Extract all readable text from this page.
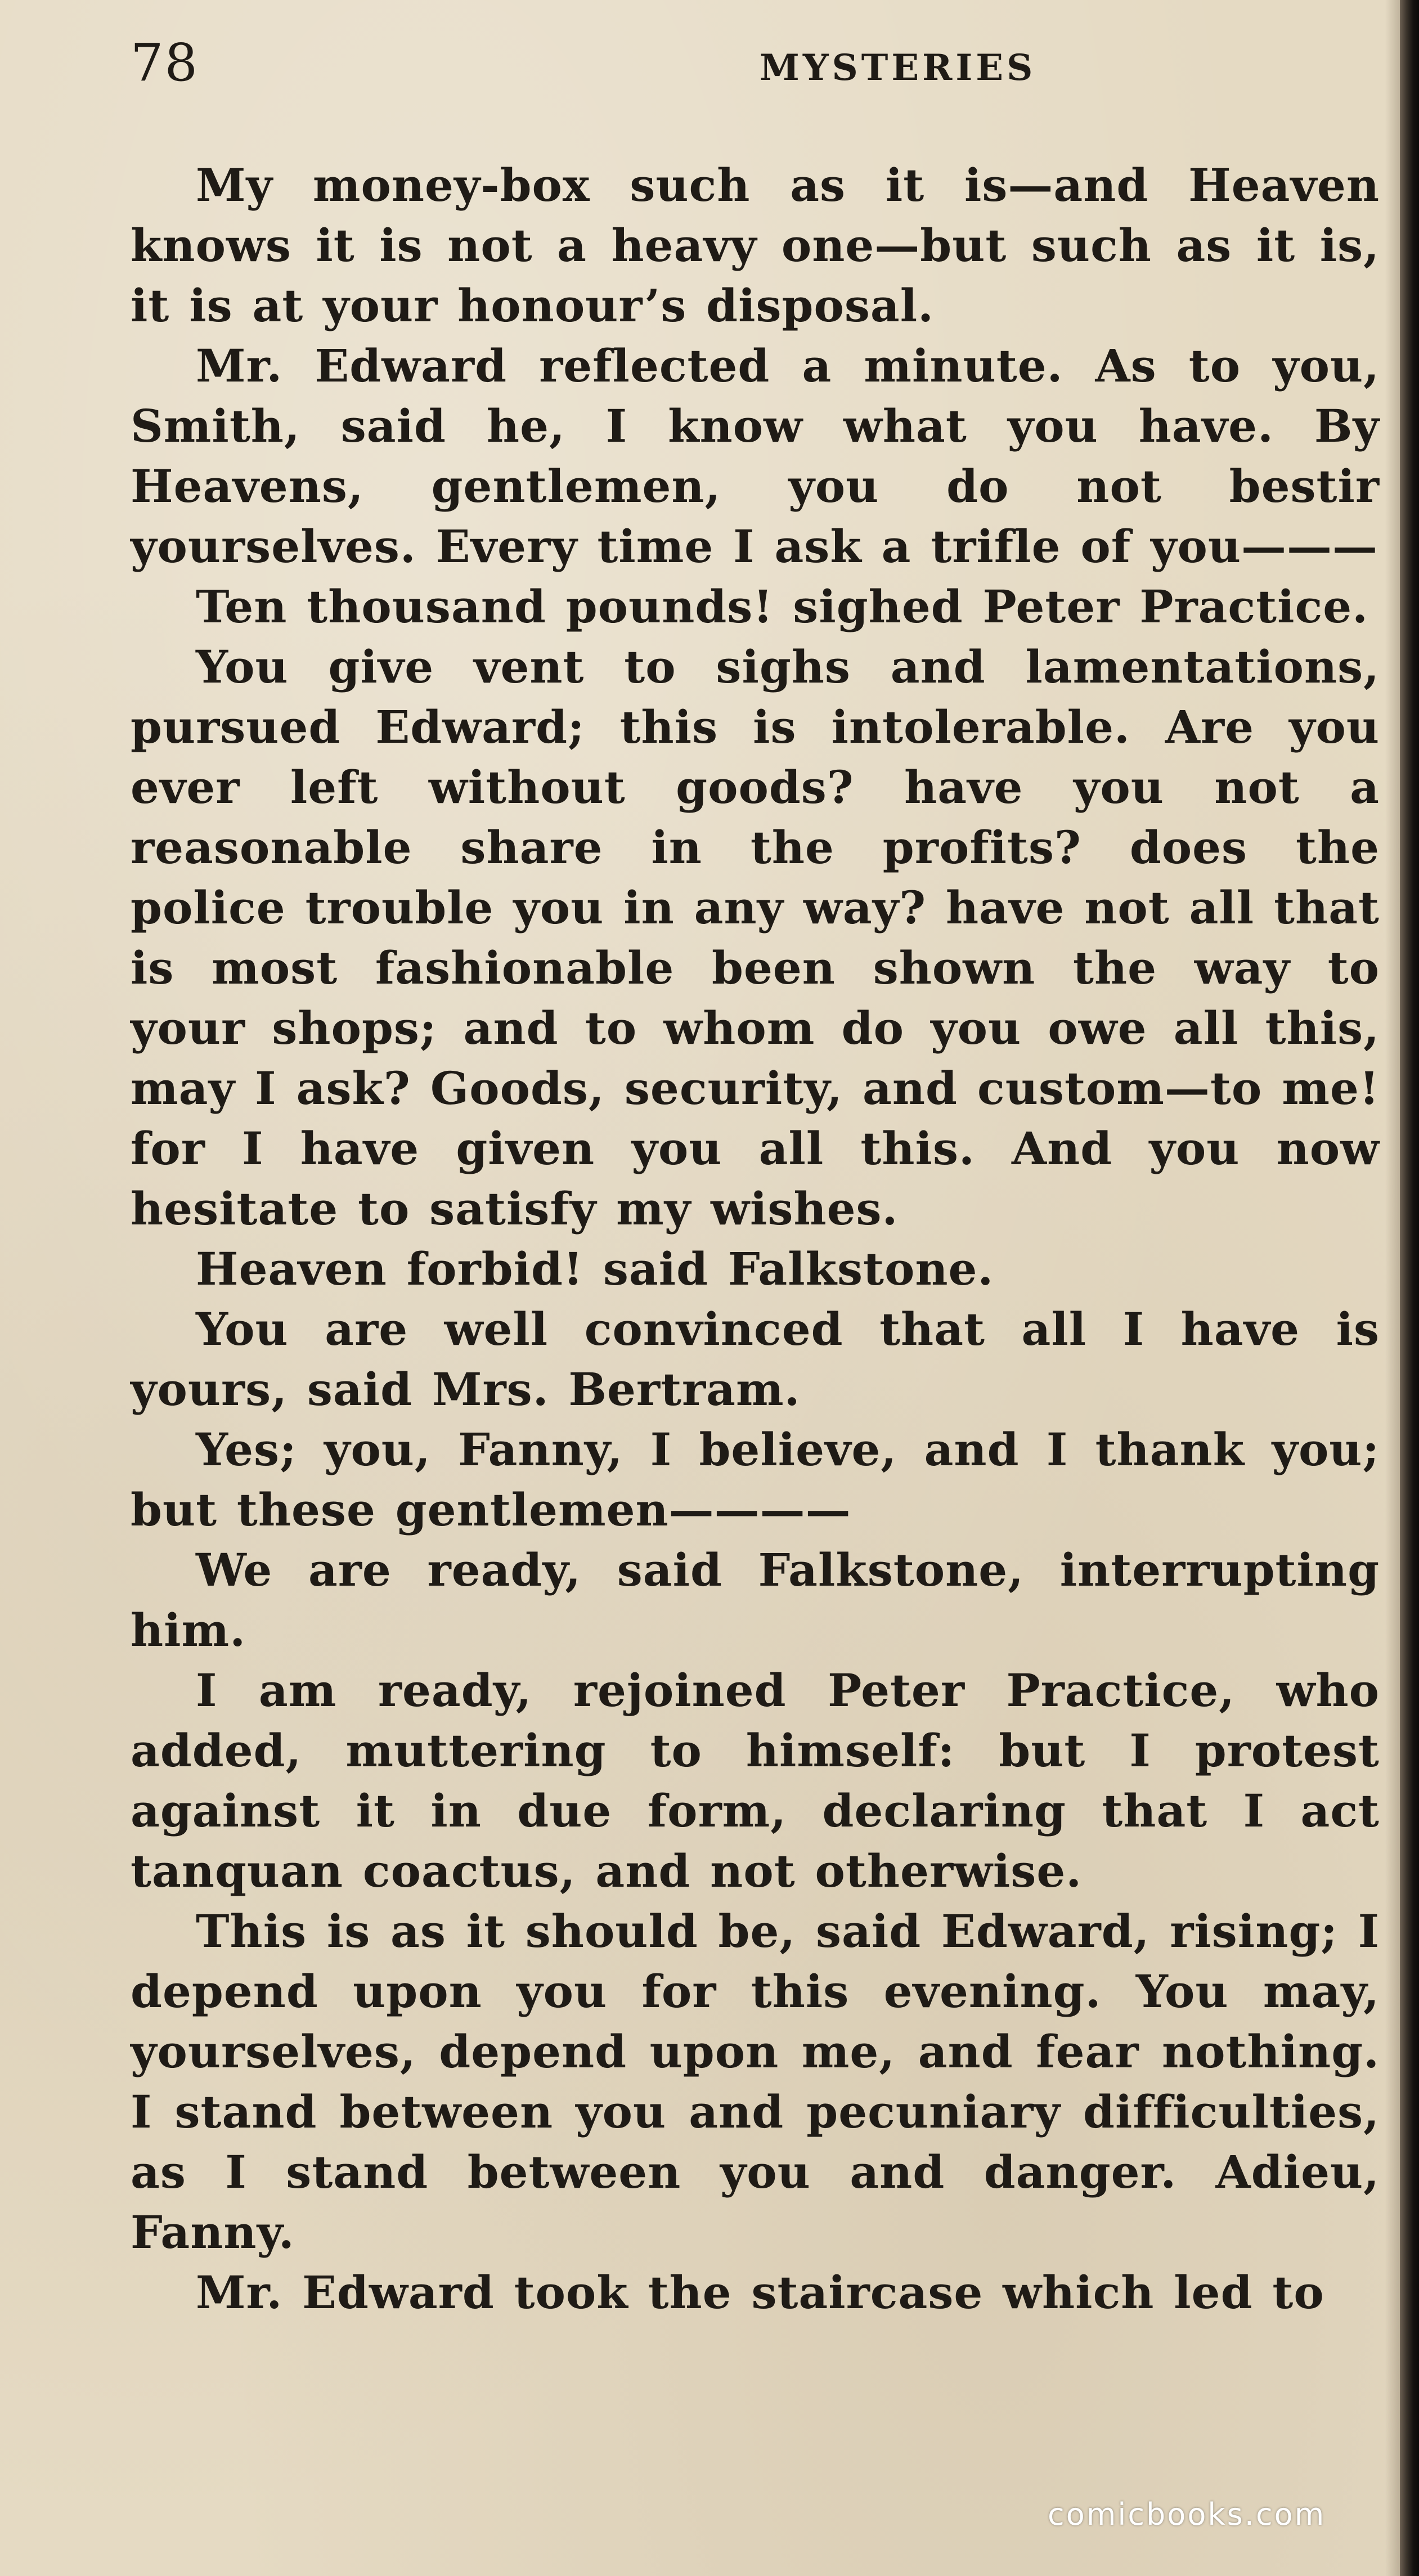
78	MYSTERIES

My money-box such as it is—and Heaven knows it is not a heavy one—but such as it is, it is at your honour’s disposal.

Mr. Edward reflected a minute. As to you, Smith, said he, I know what you have. By Heavens, gentlemen, you do not bestir yourselves. Every time I ask a trifle of you———

Ten thousand pounds! sighed Peter Practice.

You give vent to sighs and lamentations, pursued Edward; this is intolerable. Are you ever left without goods? have you not a reasonable share in the profits? does the police trouble you in any way? have not all that is most fashionable been shown the way to your shops; and to whom do you owe all this, may I ask? Goods, security, and custom—to me! for I have given you all this. And you now hesitate to satisfy my wishes.

Heaven forbid! said Falkstone.

You are well convinced that all I have is yours, said Mrs. Bertram.

Yes; you, Fanny, I believe, and I thank you; but these gentlemen————

We are ready, said Falkstone, interrupting him.

I am ready, rejoined Peter Practice, who added, muttering to himself: but I protest against it in due form, declaring that I act tanquan coactus, and not otherwise.

This is as it should be, said Edward, rising; I depend upon you for this evening. You may, yourselves, depend upon me, and fear nothing. I stand between you and pecuniary difficulties, as I stand between you and danger. Adieu, Fanny.

Mr. Edward took the staircase which led to

comicbooks.com
